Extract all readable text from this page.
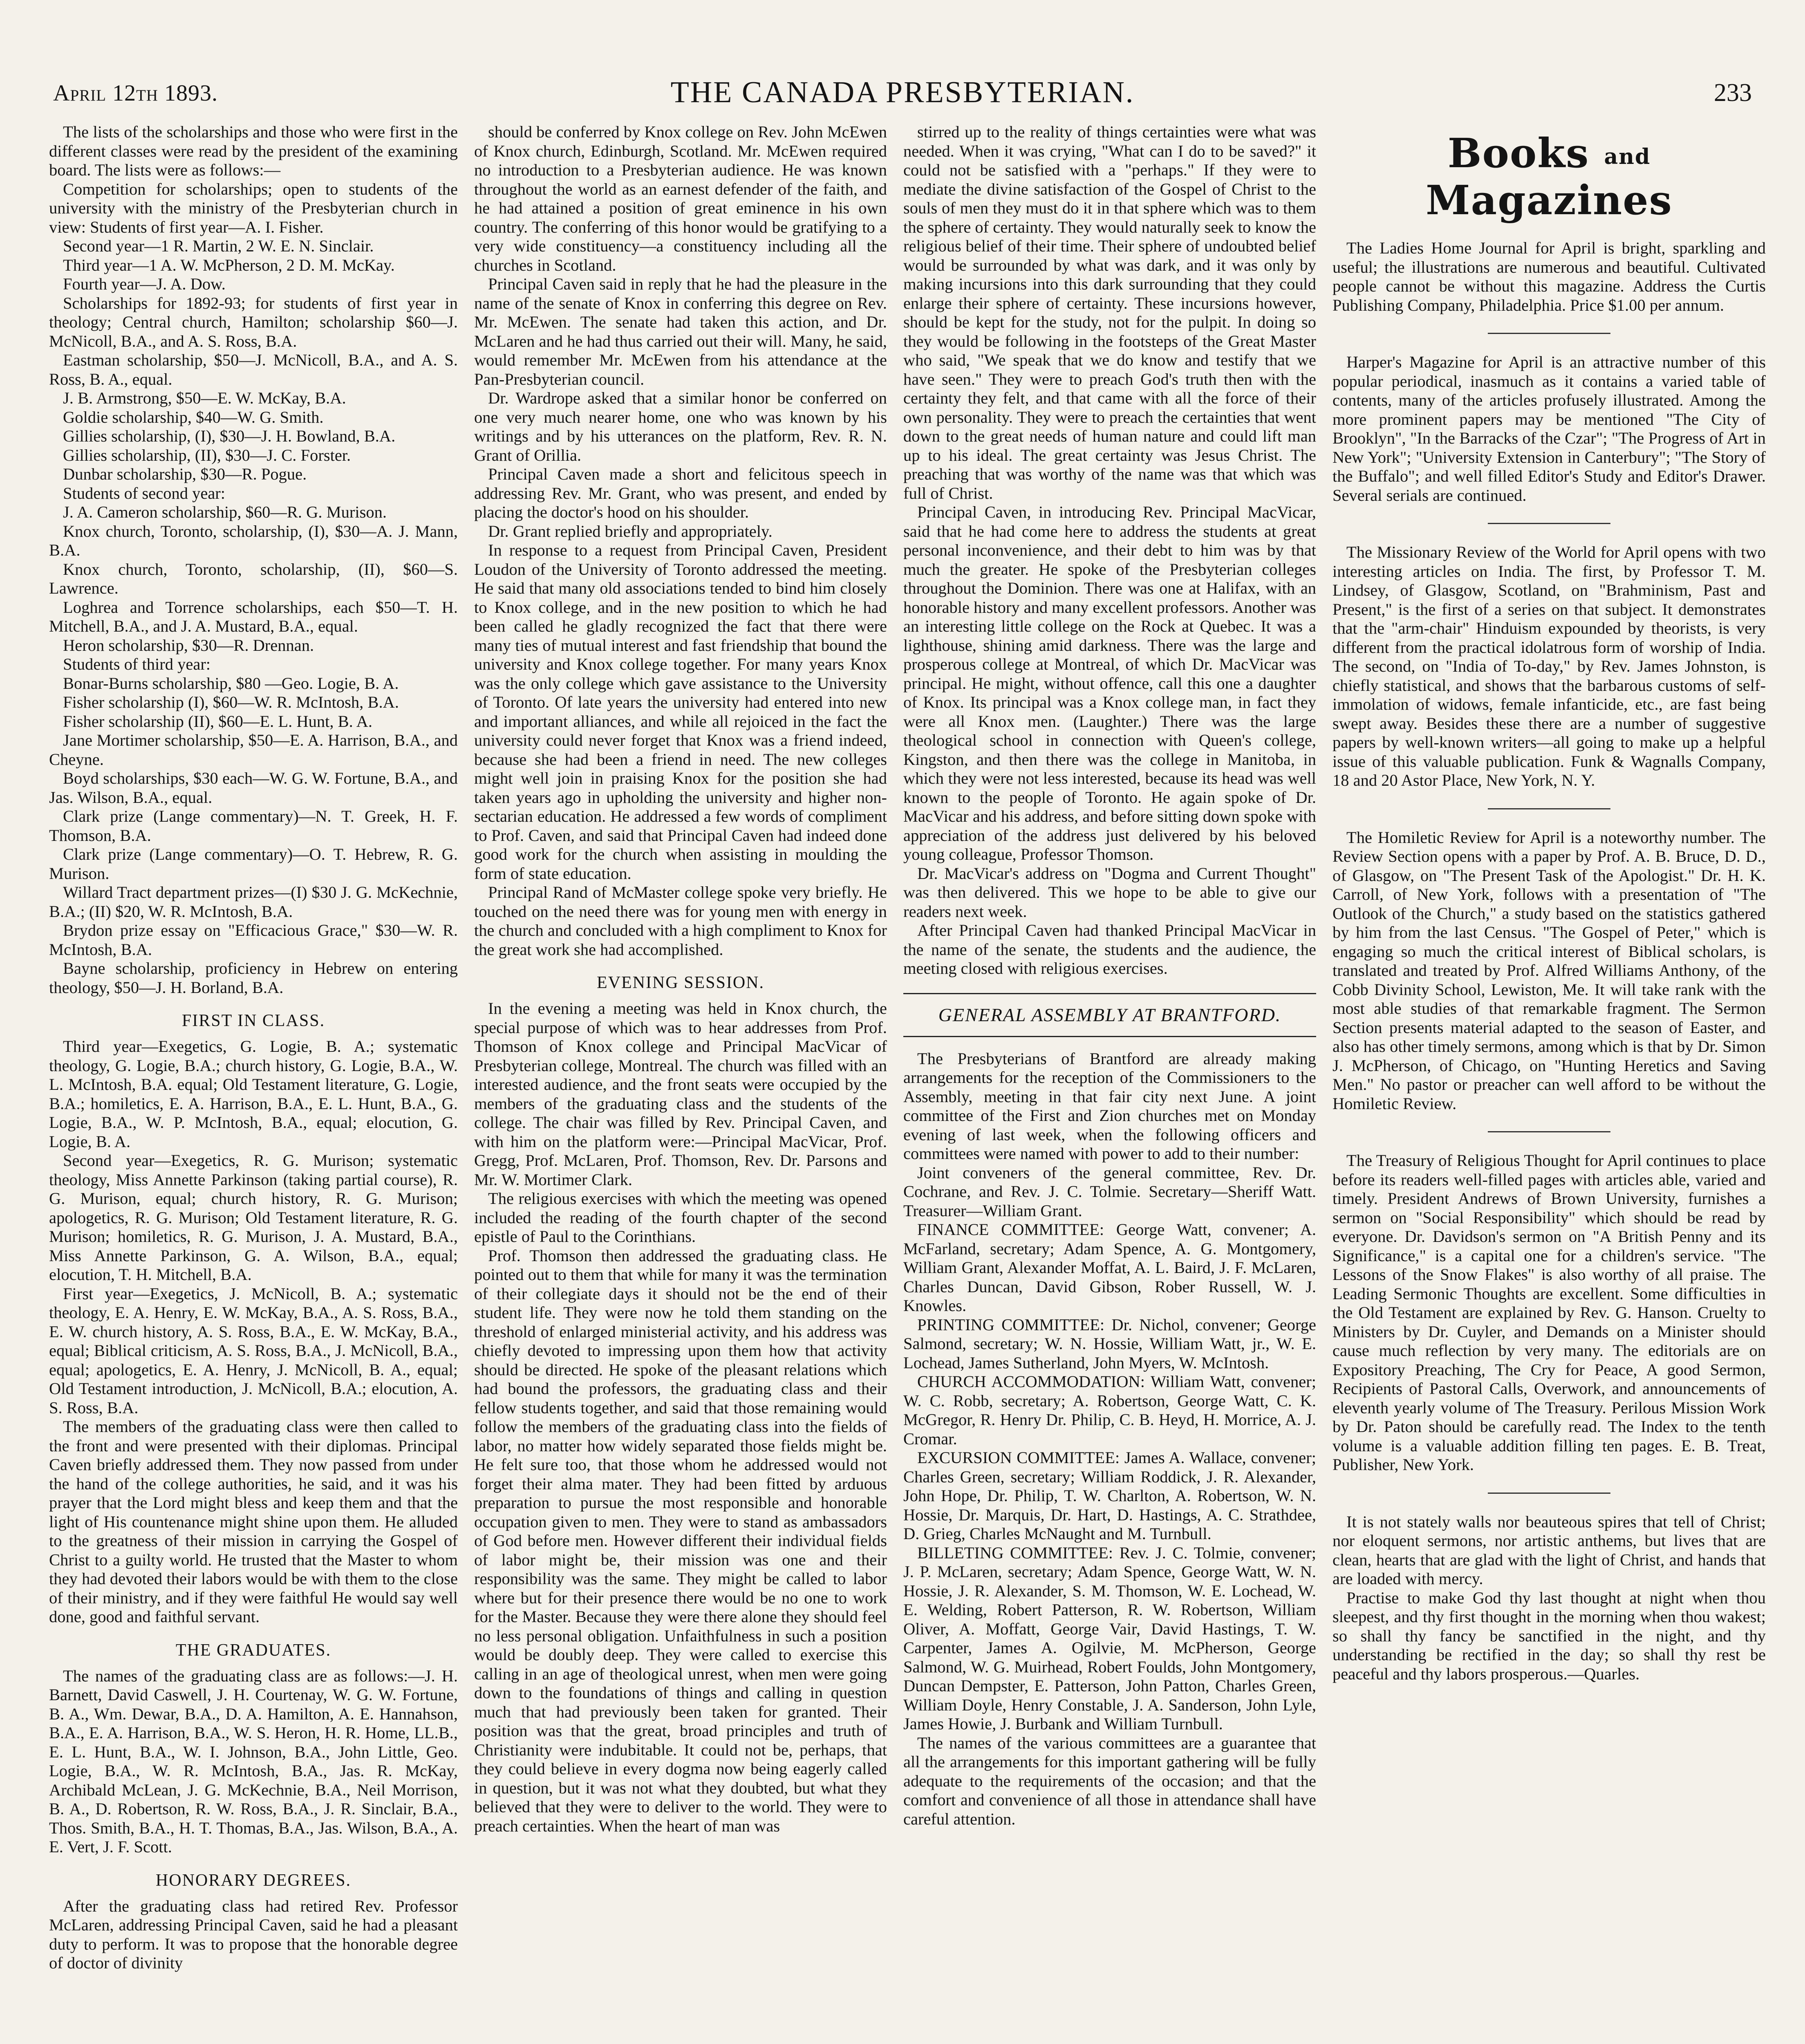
April 12th 1893.	THE CANADA PRESBYTERIAN.	233

The lists of the scholarships and those who were first in the different classes were read by the president of the examining board. The lists were as follows:—

Competition for scholarships; open to students of the university with the ministry of the Presbyterian church in view: Students of first year—A. I. Fisher.

Second year—1 R. Martin, 2 W. E. N. Sinclair.

Third year—1 A. W. McPherson, 2 D. M. McKay.

Fourth year—J. A. Dow.

Scholarships for 1892-93; for students of first year in theology; Central church, Hamilton; scholarship $60—J. McNicoll, B.A., and A. S. Ross, B.A.

Eastman scholarship, $50—J. McNicoll, B.A., and A. S. Ross, B. A., equal.

J. B. Armstrong, $50—E. W. McKay, B.A.

Goldie scholarship, $40—W. G. Smith.

Gillies scholarship, (I), $30—J. H. Bowland, B.A.

Gillies scholarship, (II), $30—J. C. Forster.

Dunbar scholarship, $30—R. Pogue.

Students of second year:

J. A. Cameron scholarship, $60—R. G. Murison.

Knox church, Toronto, scholarship, (I), $30—A. J. Mann, B.A.

Knox church, Toronto, scholarship, (II), $60—S. Lawrence.

Loghrea and Torrence scholarships, each $50—T. H. Mitchell, B.A., and J. A. Mustard, B.A., equal.

Heron scholarship, $30—R. Drennan.

Students of third year:

Bonar-Burns scholarship, $80 —Geo. Logie, B. A.

Fisher scholarship (I), $60—W. R. McIntosh, B.A.

Fisher scholarship (II), $60—E. L. Hunt, B. A.

Jane Mortimer scholarship, $50—E. A. Harrison, B.A., and Cheyne.

Boyd scholarships, $30 each—W. G. W. Fortune, B.A., and Jas. Wilson, B.A., equal.

Clark prize (Lange commentary)—N. T. Greek, H. F. Thomson, B.A.

Clark prize (Lange commentary)—O. T. Hebrew, R. G. Murison.

Willard Tract department prizes—(I) $30 J. G. McKechnie, B.A.; (II) $20, W. R. McIntosh, B.A.

Brydon prize essay on "Efficacious Grace," $30—W. R. McIntosh, B.A.

Bayne scholarship, proficiency in Hebrew on entering theology, $50—J. H. Borland, B.A.

FIRST IN CLASS.

Third year—Exegetics, G. Logie, B. A.; systematic theology, G. Logie, B.A.; church history, G. Logie, B.A., W. L. McIntosh, B.A. equal; Old Testament literature, G. Logie, B.A.; homiletics, E. A. Harrison, B.A., E. L. Hunt, B.A., G. Logie, B.A., W. P. McIntosh, B.A., equal; elocution, G. Logie, B. A.

Second year—Exegetics, R. G. Murison; systematic theology, Miss Annette Parkinson (taking partial course), R. G. Murison, equal; church history, R. G. Murison; apologetics, R. G. Murison; Old Testament literature, R. G. Murison; homiletics, R. G. Murison, J. A. Mustard, B.A., Miss Annette Parkinson, G. A. Wilson, B.A., equal; elocution, T. H. Mitchell, B.A.

First year—Exegetics, J. McNicoll, B. A.; systematic theology, E. A. Henry, E. W. McKay, B.A., A. S. Ross, B.A., E. W. church history, A. S. Ross, B.A., E. W. McKay, B.A., equal; Biblical criticism, A. S. Ross, B.A., J. McNicoll, B.A., equal; apologetics, E. A. Henry, J. McNicoll, B. A., equal; Old Testament introduction, J. McNicoll, B.A.; elocution, A. S. Ross, B.A.

The members of the graduating class were then called to the front and were presented with their diplomas. Principal Caven briefly addressed them. They now passed from under the hand of the college authorities, he said, and it was his prayer that the Lord might bless and keep them and that the light of His countenance might shine upon them. He alluded to the greatness of their mission in carrying the Gospel of Christ to a guilty world. He trusted that the Master to whom they had devoted their labors would be with them to the close of their ministry, and if they were faithful He would say well done, good and faithful servant.

THE GRADUATES.

The names of the graduating class are as follows:—J. H. Barnett, David Caswell, J. H. Courtenay, W. G. W. Fortune, B. A., Wm. Dewar, B.A., D. A. Hamilton, A. E. Hannahson, B.A., E. A. Harrison, B.A., W. S. Heron, H. R. Home, LL.B., E. L. Hunt, B.A., W. I. Johnson, B.A., John Little, Geo. Logie, B.A., W. R. McIntosh, B.A., Jas. R. McKay, Archibald McLean, J. G. McKechnie, B.A., Neil Morrison, B. A., D. Robertson, R. W. Ross, B.A., J. R. Sinclair, B.A., Thos. Smith, B.A., H. T. Thomas, B.A., Jas. Wilson, B.A., A. E. Vert, J. F. Scott.

HONORARY DEGREES.

After the graduating class had retired Rev. Professor McLaren, addressing Principal Caven, said he had a pleasant duty to perform. It was to propose that the honorable degree of doctor of divinity

should be conferred by Knox college on Rev. John McEwen of Knox church, Edinburgh, Scotland. Mr. McEwen required no introduction to a Presbyterian audience. He was known throughout the world as an earnest defender of the faith, and he had attained a position of great eminence in his own country. The conferring of this honor would be gratifying to a very wide constituency—a constituency including all the churches in Scotland.

Principal Caven said in reply that he had the pleasure in the name of the senate of Knox in conferring this degree on Rev. Mr. McEwen. The senate had taken this action, and Dr. McLaren and he had thus carried out their will. Many, he said, would remember Mr. McEwen from his attendance at the Pan-Presbyterian council.

Dr. Wardrope asked that a similar honor be conferred on one very much nearer home, one who was known by his writings and by his utterances on the platform, Rev. R. N. Grant of Orillia.

Principal Caven made a short and felicitous speech in addressing Rev. Mr. Grant, who was present, and ended by placing the doctor's hood on his shoulder.

Dr. Grant replied briefly and appropriately.

In response to a request from Principal Caven, President Loudon of the University of Toronto addressed the meeting. He said that many old associations tended to bind him closely to Knox college, and in the new position to which he had been called he gladly recognized the fact that there were many ties of mutual interest and fast friendship that bound the university and Knox college together. For many years Knox was the only college which gave assistance to the University of Toronto. Of late years the university had entered into new and important alliances, and while all rejoiced in the fact the university could never forget that Knox was a friend indeed, because she had been a friend in need. The new colleges might well join in praising Knox for the position she had taken years ago in upholding the university and higher non-sectarian education. He addressed a few words of compliment to Prof. Caven, and said that Principal Caven had indeed done good work for the church when assisting in moulding the form of state education.

Principal Rand of McMaster college spoke very briefly. He touched on the need there was for young men with energy in the church and concluded with a high compliment to Knox for the great work she had accomplished.

EVENING SESSION.

In the evening a meeting was held in Knox church, the special purpose of which was to hear addresses from Prof. Thomson of Knox college and Principal MacVicar of Presbyterian college, Montreal. The church was filled with an interested audience, and the front seats were occupied by the members of the graduating class and the students of the college. The chair was filled by Rev. Principal Caven, and with him on the platform were:—Principal MacVicar, Prof. Gregg, Prof. McLaren, Prof. Thomson, Rev. Dr. Parsons and Mr. W. Mortimer Clark.

The religious exercises with which the meeting was opened included the reading of the fourth chapter of the second epistle of Paul to the Corinthians.

Prof. Thomson then addressed the graduating class. He pointed out to them that while for many it was the termination of their collegiate days it should not be the end of their student life. They were now he told them standing on the threshold of enlarged ministerial activity, and his address was chiefly devoted to impressing upon them how that activity should be directed. He spoke of the pleasant relations which had bound the professors, the graduating class and their fellow students together, and said that those remaining would follow the members of the graduating class into the fields of labor, no matter how widely separated those fields might be. He felt sure too, that those whom he addressed would not forget their alma mater. They had been fitted by arduous preparation to pursue the most responsible and honorable occupation given to men. They were to stand as ambassadors of God before men. However different their individual fields of labor might be, their mission was one and their responsibility was the same. They might be called to labor where but for their presence there would be no one to work for the Master. Because they were there alone they should feel no less personal obligation. Unfaithfulness in such a position would be doubly deep. They were called to exercise this calling in an age of theological unrest, when men were going down to the foundations of things and calling in question much that had previously been taken for granted. Their position was that the great, broad principles and truth of Christianity were indubitable. It could not be, perhaps, that they could believe in every dogma now being eagerly called in question, but it was not what they doubted, but what they believed that they were to deliver to the world. They were to preach certainties. When the heart of man was

stirred up to the reality of things certainties were what was needed. When it was crying, "What can I do to be saved?" it could not be satisfied with a "perhaps." If they were to mediate the divine satisfaction of the Gospel of Christ to the souls of men they must do it in that sphere which was to them the sphere of certainty. They would naturally seek to know the religious belief of their time. Their sphere of undoubted belief would be surrounded by what was dark, and it was only by making incursions into this dark surrounding that they could enlarge their sphere of certainty. These incursions however, should be kept for the study, not for the pulpit. In doing so they would be following in the footsteps of the Great Master who said, "We speak that we do know and testify that we have seen." They were to preach God's truth then with the certainty they felt, and that came with all the force of their own personality. They were to preach the certainties that went down to the great needs of human nature and could lift man up to his ideal. The great certainty was Jesus Christ. The preaching that was worthy of the name was that which was full of Christ.

Principal Caven, in introducing Rev. Principal MacVicar, said that he had come here to address the students at great personal inconvenience, and their debt to him was by that much the greater. He spoke of the Presbyterian colleges throughout the Dominion. There was one at Halifax, with an honorable history and many excellent professors. Another was an interesting little college on the Rock at Quebec. It was a lighthouse, shining amid darkness. There was the large and prosperous college at Montreal, of which Dr. MacVicar was principal. He might, without offence, call this one a daughter of Knox. Its principal was a Knox college man, in fact they were all Knox men. (Laughter.) There was the large theological school in connection with Queen's college, Kingston, and then there was the college in Manitoba, in which they were not less interested, because its head was well known to the people of Toronto. He again spoke of Dr. MacVicar and his address, and before sitting down spoke with appreciation of the address just delivered by his beloved young colleague, Professor Thomson.

Dr. MacVicar's address on "Dogma and Current Thought" was then delivered. This we hope to be able to give our readers next week.

After Principal Caven had thanked Principal MacVicar in the name of the senate, the students and the audience, the meeting closed with religious exercises.

GENERAL ASSEMBLY AT BRANTFORD.

The Presbyterians of Brantford are already making arrangements for the reception of the Commissioners to the Assembly, meeting in that fair city next June. A joint committee of the First and Zion churches met on Monday evening of last week, when the following officers and committees were named with power to add to their number:

Joint conveners of the general committee, Rev. Dr. Cochrane, and Rev. J. C. Tolmie. Secretary—Sheriff Watt. Treasurer—William Grant.

FINANCE COMMITTEE: George Watt, convener; A. McFarland, secretary; Adam Spence, A. G. Montgomery, William Grant, Alexander Moffat, A. L. Baird, J. F. McLaren, Charles Duncan, David Gibson, Rober Russell, W. J. Knowles.

PRINTING COMMITTEE: Dr. Nichol, convener; George Salmond, secretary; W. N. Hossie, William Watt, jr., W. E. Lochead, James Sutherland, John Myers, W. McIntosh.

CHURCH ACCOMMODATION: William Watt, convener; W. C. Robb, secretary; A. Robertson, George Watt, C. K. McGregor, R. Henry Dr. Philip, C. B. Heyd, H. Morrice, A. J. Cromar.

EXCURSION COMMITTEE: James A. Wallace, convener; Charles Green, secretary; William Roddick, J. R. Alexander, John Hope, Dr. Philip, T. W. Charlton, A. Robertson, W. N. Hossie, Dr. Marquis, Dr. Hart, D. Hastings, A. C. Strathdee, D. Grieg, Charles McNaught and M. Turnbull.

BILLETING COMMITTEE: Rev. J. C. Tolmie, convener; J. P. McLaren, secretary; Adam Spence, George Watt, W. N. Hossie, J. R. Alexander, S. M. Thomson, W. E. Lochead, W. E. Welding, Robert Patterson, R. W. Robertson, William Oliver, A. Moffatt, George Vair, David Hastings, T. W. Carpenter, James A. Ogilvie, M. McPherson, George Salmond, W. G. Muirhead, Robert Foulds, John Montgomery, Duncan Dempster, E. Patterson, John Patton, Charles Green, William Doyle, Henry Constable, J. A. Sanderson, John Lyle, James Howie, J. Burbank and William Turnbull.

The names of the various committees are a guarantee that all the arrangements for this important gathering will be fully adequate to the requirements of the occasion; and that the comfort and convenience of all those in attendance shall have careful attention.

Books and Magazines

The Ladies Home Journal for April is bright, sparkling and useful; the illustrations are numerous and beautiful. Cultivated people cannot be without this magazine. Address the Curtis Publishing Company, Philadelphia. Price $1.00 per annum.

Harper's Magazine for April is an attractive number of this popular periodical, inasmuch as it contains a varied table of contents, many of the articles profusely illustrated. Among the more prominent papers may be mentioned "The City of Brooklyn", "In the Barracks of the Czar"; "The Progress of Art in New York"; "University Extension in Canterbury"; "The Story of the Buffalo"; and well filled Editor's Study and Editor's Drawer. Several serials are continued.

The Missionary Review of the World for April opens with two interesting articles on India. The first, by Professor T. M. Lindsey, of Glasgow, Scotland, on "Brahminism, Past and Present," is the first of a series on that subject. It demonstrates that the "arm-chair" Hinduism expounded by theorists, is very different from the practical idolatrous form of worship of India. The second, on "India of To-day," by Rev. James Johnston, is chiefly statistical, and shows that the barbarous customs of self-immolation of widows, female infanticide, etc., are fast being swept away. Besides these there are a number of suggestive papers by well-known writers—all going to make up a helpful issue of this valuable publication. Funk & Wagnalls Company, 18 and 20 Astor Place, New York, N. Y.

The Homiletic Review for April is a noteworthy number. The Review Section opens with a paper by Prof. A. B. Bruce, D. D., of Glasgow, on "The Present Task of the Apologist." Dr. H. K. Carroll, of New York, follows with a presentation of "The Outlook of the Church," a study based on the statistics gathered by him from the last Census. "The Gospel of Peter," which is engaging so much the critical interest of Biblical scholars, is translated and treated by Prof. Alfred Williams Anthony, of the Cobb Divinity School, Lewiston, Me. It will take rank with the most able studies of that remarkable fragment. The Sermon Section presents material adapted to the season of Easter, and also has other timely sermons, among which is that by Dr. Simon J. McPherson, of Chicago, on "Hunting Heretics and Saving Men." No pastor or preacher can well afford to be without the Homiletic Review.

The Treasury of Religious Thought for April continues to place before its readers well-filled pages with articles able, varied and timely. President Andrews of Brown University, furnishes a sermon on "Social Responsibility" which should be read by everyone. Dr. Davidson's sermon on "A British Penny and its Significance," is a capital one for a children's service. "The Lessons of the Snow Flakes" is also worthy of all praise. The Leading Sermonic Thoughts are excellent. Some difficulties in the Old Testament are explained by Rev. G. Hanson. Cruelty to Ministers by Dr. Cuyler, and Demands on a Minister should cause much reflection by very many. The editorials are on Expository Preaching, The Cry for Peace, A good Sermon, Recipients of Pastoral Calls, Overwork, and announcements of eleventh yearly volume of The Treasury. Perilous Mission Work by Dr. Paton should be carefully read. The Index to the tenth volume is a valuable addition filling ten pages. E. B. Treat, Publisher, New York.

It is not stately walls nor beauteous spires that tell of Christ; nor eloquent sermons, nor artistic anthems, but lives that are clean, hearts that are glad with the light of Christ, and hands that are loaded with mercy.

Practise to make God thy last thought at night when thou sleepest, and thy first thought in the morning when thou wakest; so shall thy fancy be sanctified in the night, and thy understanding be rectified in the day; so shall thy rest be peaceful and thy labors prosperous.—Quarles.
